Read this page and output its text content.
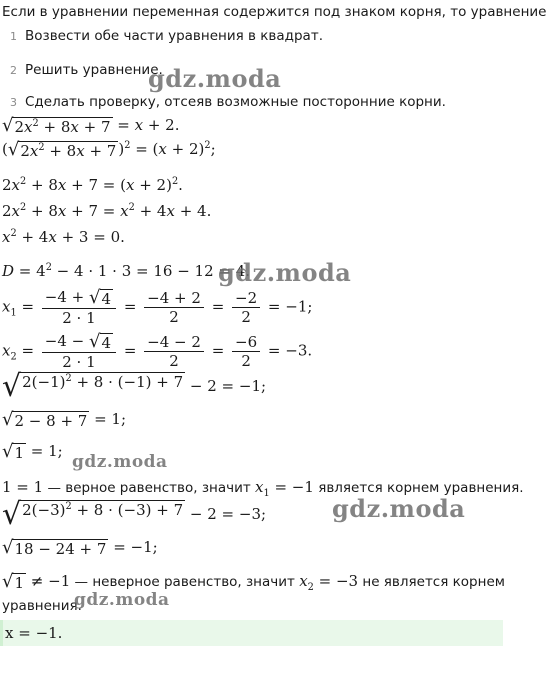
Если в уравнении переменная содержится под знаком корня, то уравнение
1 Возвести обе части уравнения в квадрат.
2 Решить уравнение.
3 Сделать проверку, отсеяв возможные посторонние корни.
√ $2x^2 + 8x + 7 = x + 2$.
( √ $2x^2 + 8x + 7$ )$^2 = (x + 2)^2$;
$2x^2 + 8x + 7 = (x + 2)^2$.
$2x^2 + 8x + 7 = x^2 + 4x + 4$.
$x^2 + 4x + 3 = 0$.
$D = 4^2 - 4 \cdot 1 \cdot 3 = 16 - 12 = 4$.
$x_1 = \frac{-4 + √ 4}{2 \cdot 1} = \frac{-4 + 2}{2} = \frac{-2}{2} = -1$;
$x_2 = \frac{-4 - √ 4}{2 \cdot 1} = \frac{-4 - 2}{2} = \frac{-6}{2} = -3$.
√ $2(-1)^2 + 8 \cdot (-1) + 7 - 2 = -1$;
√ 2 − 8 + 7 = 1;
√ 1 = 1;
1 = 1 — верное равенство, значит $x_1 = -1$ является корнем уравнения.
√ $2(-3)^2 + 8 \cdot (-3) + 7 - 2 = -3$;
√ 18 − 24 + 7 = −1;
√ 1 ≠ −1 — неверное равенство, значит $x_2 = -3$ не является корнем
уравнения.
x = −1.
gdz.moda
gdz.moda
gdz.moda
gdz.moda
gdz.moda
